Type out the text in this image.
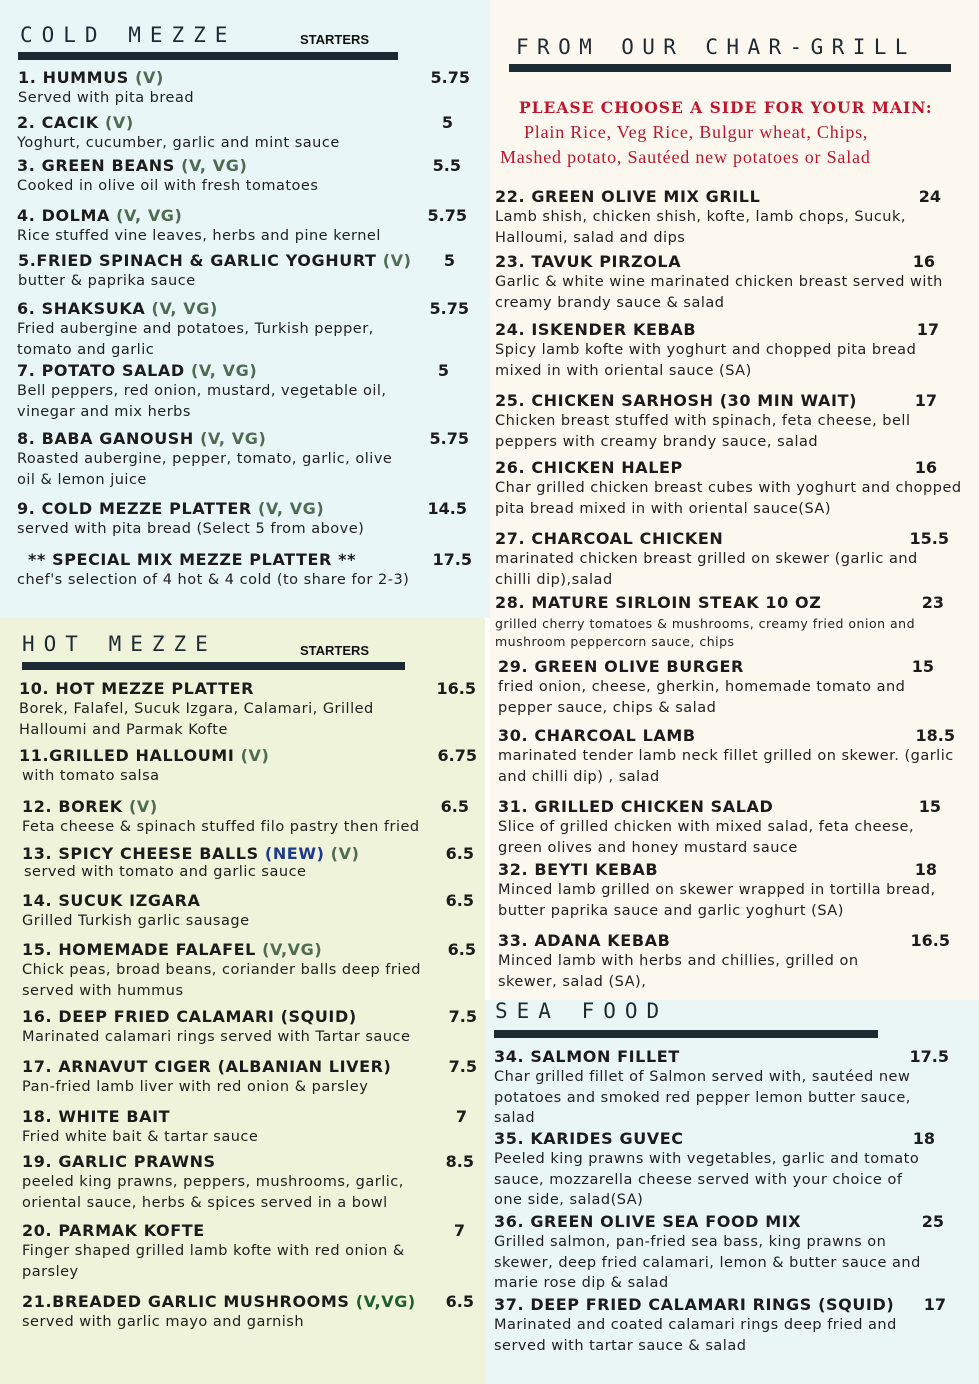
COLD MEZZE	STARTERS
1. HUMMUS (V)	5.75
Served with pita bread
2. CACIK (V)	5
Yoghurt, cucumber, garlic and mint sauce
3. GREEN BEANS (V, VG)	5.5
Cooked in olive oil with fresh tomatoes
4. DOLMA (V, VG)	5.75
Rice stuffed vine leaves, herbs and pine kernel
5.FRIED SPINACH & GARLIC YOGHURT (V)	5
butter & paprika sauce
6. SHAKSUKA (V, VG)	5.75
Fried aubergine and potatoes, Turkish pepper, tomato and garlic
7. POTATO SALAD (V, VG)	5
Bell peppers, red onion, mustard, vegetable oil, vinegar and mix herbs
8. BABA GANOUSH (V, VG)	5.75
Roasted aubergine, pepper, tomato, garlic, olive oil & lemon juice
9. COLD MEZZE PLATTER (V, VG)	14.5
served with pita bread (Select 5 from above)
** SPECIAL MIX MEZZE PLATTER **	17.5
chef's selection of 4 hot & 4 cold (to share for 2-3)
HOT MEZZE	STARTERS
10. HOT MEZZE PLATTER	16.5
Borek, Falafel, Sucuk Izgara, Calamari, Grilled Halloumi and Parmak Kofte
11.GRILLED HALLOUMI (V)	6.75
with tomato salsa
12. BOREK (V)	6.5
Feta cheese & spinach stuffed filo pastry then fried
13. SPICY CHEESE BALLS (NEW) (V)	6.5
served with tomato and garlic sauce
14. SUCUK IZGARA	6.5
Grilled Turkish garlic sausage
15. HOMEMADE FALAFEL (V,VG)	6.5
Chick peas, broad beans, coriander balls deep fried served with hummus
16. DEEP FRIED CALAMARI (SQUID)	7.5
Marinated calamari rings served with Tartar sauce
17. ARNAVUT CIGER (ALBANIAN LIVER)	7.5
Pan-fried lamb liver with red onion & parsley
18. WHITE BAIT	7
Fried white bait & tartar sauce
19. GARLIC PRAWNS	8.5
peeled king prawns, peppers, mushrooms, garlic, oriental sauce, herbs & spices served in a bowl
20. PARMAK KOFTE	7
Finger shaped grilled lamb kofte with red onion & parsley
21.BREADED GARLIC MUSHROOMS (V,VG)	6.5
served with garlic mayo and garnish
FROM OUR CHAR-GRILL
PLEASE CHOOSE A SIDE FOR YOUR MAIN:
Plain Rice, Veg Rice, Bulgur wheat, Chips,
Mashed potato, Sautéed new potatoes or Salad
22. GREEN OLIVE MIX GRILL	24
Lamb shish, chicken shish, kofte, lamb chops, Sucuk, Halloumi, salad and dips
23. TAVUK PIRZOLA	16
Garlic & white wine marinated chicken breast served with creamy brandy sauce & salad
24. ISKENDER KEBAB	17
Spicy lamb kofte with yoghurt and chopped pita bread mixed in with oriental sauce (SA)
25. CHICKEN SARHOSH (30 MIN WAIT)	17
Chicken breast stuffed with spinach, feta cheese, bell peppers with creamy brandy sauce, salad
26. CHICKEN HALEP	16
Char grilled chicken breast cubes with yoghurt and chopped pita bread mixed in with oriental sauce(SA)
27. CHARCOAL CHICKEN	15.5
marinated chicken breast grilled on skewer (garlic and chilli dip),salad
28. MATURE SIRLOIN STEAK 10 OZ	23
grilled cherry tomatoes & mushrooms, creamy fried onion and mushroom peppercorn sauce, chips
29. GREEN OLIVE BURGER	15
fried onion, cheese, gherkin, homemade tomato and pepper sauce, chips & salad
30. CHARCOAL LAMB	18.5
marinated tender lamb neck fillet grilled on skewer. (garlic and chilli dip) , salad
31. GRILLED CHICKEN SALAD	15
Slice of grilled chicken with mixed salad, feta cheese, green olives and honey mustard sauce
32. BEYTI KEBAB	18
Minced lamb grilled on skewer wrapped in tortilla bread, butter paprika sauce and garlic yoghurt (SA)
33. ADANA KEBAB	16.5
Minced lamb with herbs and chillies, grilled on skewer, salad (SA),
SEA FOOD
34. SALMON FILLET	17.5
Char grilled fillet of Salmon served with, sautéed new potatoes and smoked red pepper lemon butter sauce, salad
35. KARIDES GUVEC	18
Peeled king prawns with vegetables, garlic and tomato sauce, mozzarella cheese served with your choice of one side, salad(SA)
36. GREEN OLIVE SEA FOOD MIX	25
Grilled salmon, pan-fried sea bass, king prawns on skewer, deep fried calamari, lemon & butter sauce and marie rose dip & salad
37. DEEP FRIED CALAMARI RINGS (SQUID)	17
Marinated and coated calamari rings deep fried and served with tartar sauce & salad
